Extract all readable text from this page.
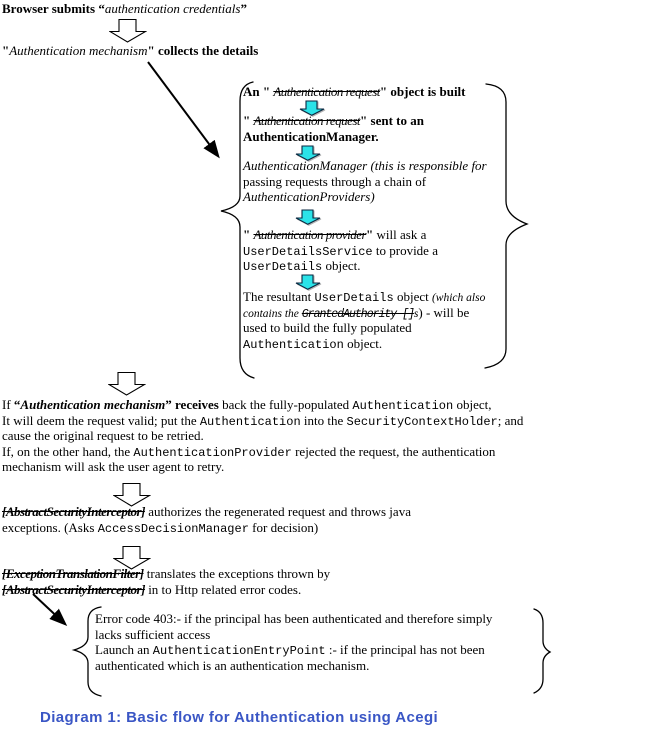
Browser submits “authentication credentials”
"Authentication mechanism" collects the details
An " Authentication request" object is built
" Authentication request" sent to an
AuthenticationManager.
AuthenticationManager (this is responsible for
passing requests through a chain of
AuthenticationProviders)
" Authentication provider" will ask a
UserDetailsService to provide a
UserDetails object.
The resultant UserDetails object (which also
contains the GrantedAuthority []s) - will be
used to build the fully populated
Authentication object.
If “Authentication mechanism” receives back the fully-populated Authentication object,
It will deem the request valid; put the Authentication into the SecurityContextHolder; and
cause the original request to be retried.
If, on the other hand, the AuthenticationProvider rejected the request, the authentication
mechanism will ask the user agent to retry.
[AbstractSecurityInterceptor] authorizes the regenerated request and throws java
exceptions. (Asks AccessDecisionManager for decision)
[ExceptionTranslationFilter] translates the exceptions thrown by
[AbstractSecurityInterceptor] in to Http related error codes.
Error code 403:- if the principal has been authenticated and therefore simply
lacks sufficient access
Launch an AuthenticationEntryPoint :- if the principal has not been
authenticated which is an authentication mechanism.
Diagram 1: Basic flow for Authentication using Acegi
